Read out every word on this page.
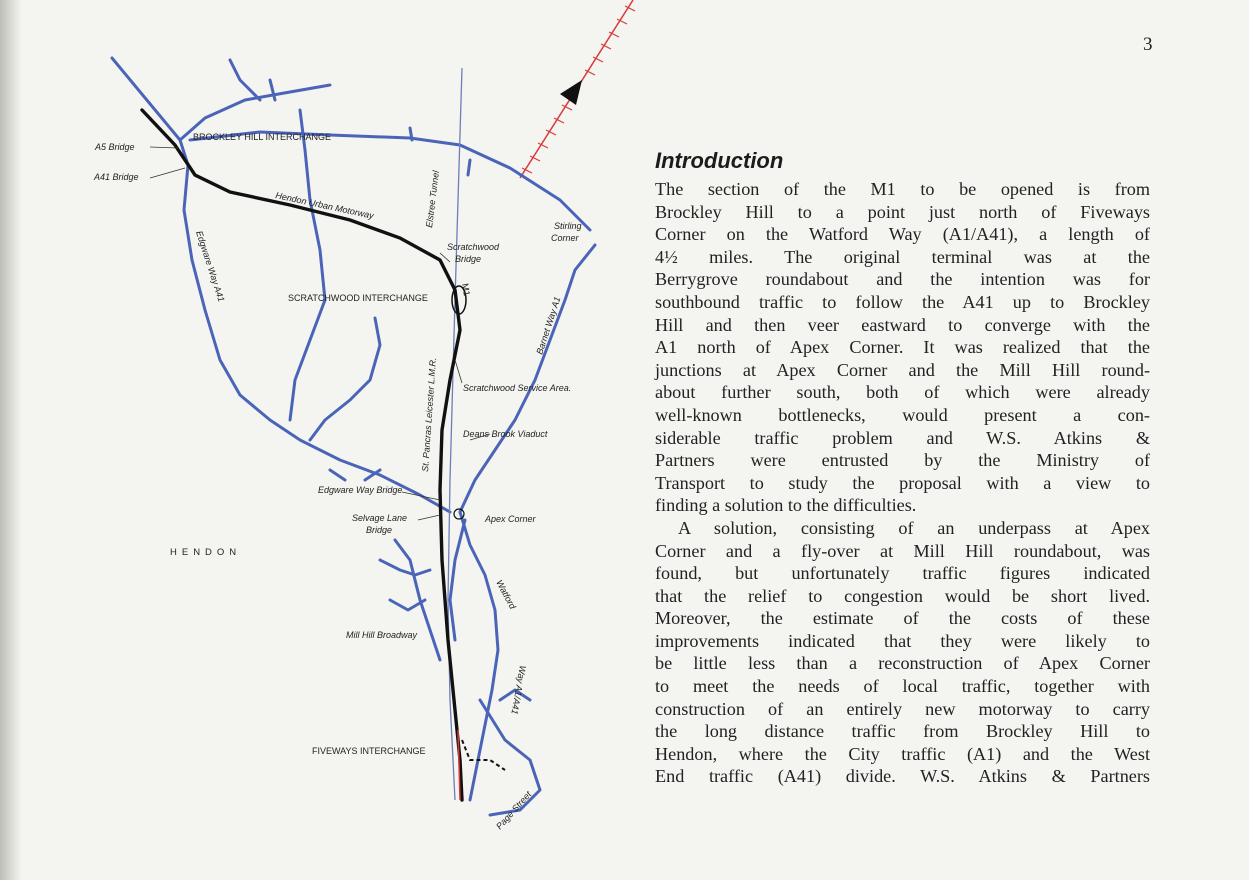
3
A5 Bridge
A41 Bridge
BROCKLEY HILL INTERCHANGE
Hendon Urban Motorway	Elstree Tunnel	Stirling
Corner
Scratchwood
Bridge
Edgware Way A41	SCRATCHWOOD INTERCHANGE
M1
Barnet Way A1
St. Pancras Leicester L.M.R.	Scratchwood Service Area.
Deans Brook Viaduct
Edgware Way Bridge
Selvage Lane
Bridge
Apex Corner
HENDON
Watford
Way A1/A41
Mill Hill Broadway
FIVEWAYS INTERCHANGE
Page Street
Introduction
The section of the M1 to be opened is from
Brockley Hill to a point just north of Fiveways
Corner on the Watford Way (A1/A41), a length of
4½ miles. The original terminal was at the
Berrygrove roundabout and the intention was for
southbound traffic to follow the A41 up to Brockley
Hill and then veer eastward to converge with the
A1 north of Apex Corner. It was realized that the
junctions at Apex Corner and the Mill Hill round-
about further south, both of which were already
well-known bottlenecks, would present a con-
siderable traffic problem and W.S. Atkins &
Partners were entrusted by the Ministry of
Transport to study the proposal with a view to
finding a solution to the difficulties.
A solution, consisting of an underpass at Apex
Corner and a fly-over at Mill Hill roundabout, was
found, but unfortunately traffic figures indicated
that the relief to congestion would be short lived.
Moreover, the estimate of the costs of these
improvements indicated that they were likely to
be little less than a reconstruction of Apex Corner
to meet the needs of local traffic, together with
construction of an entirely new motorway to carry
the long distance traffic from Brockley Hill to
Hendon, where the City traffic (A1) and the West
End traffic (A41) divide. W.S. Atkins & Partners
